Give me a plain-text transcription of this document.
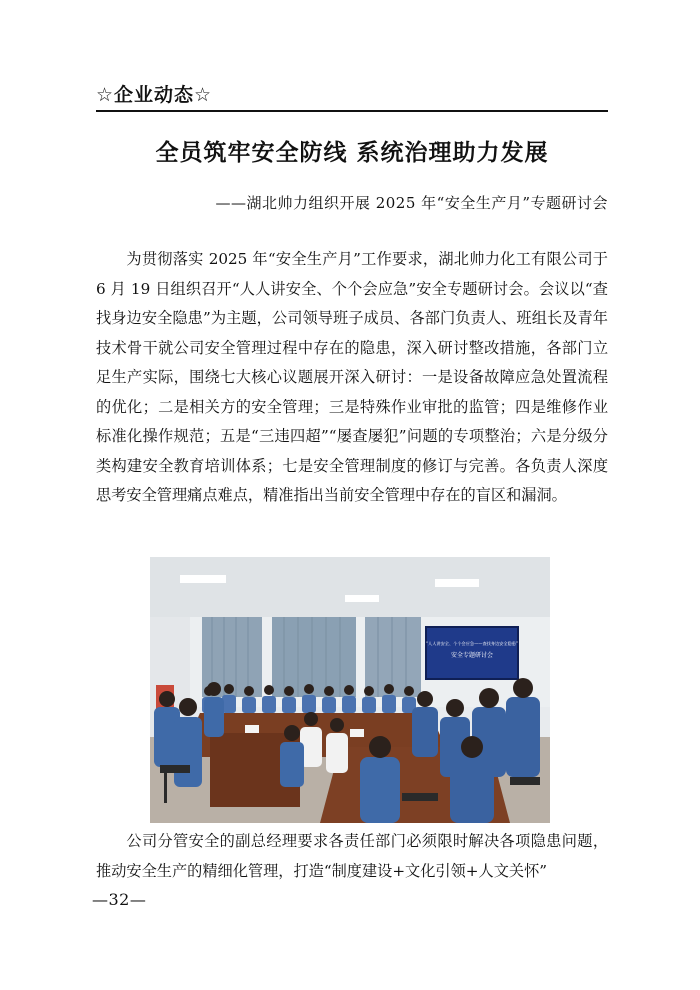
☆企业动态☆
全员筑牢安全防线 系统治理助力发展
——湖北帅力组织开展 2025 年“安全生产月”专题研讨会

为贯彻落实 2025 年“安全生产月”工作要求，湖北帅力化工有限公司于 6 月 19 日组织召开“人人讲安全、个个会应急”安全专题研讨会。会议以“查找身边安全隐患”为主题，公司领导班子成员、各部门负责人、班组长及青年技术骨干就公司安全管理过程中存在的隐患，深入研讨整改措施，各部门立足生产实际，围绕七大核心议题展开深入研讨：一是设备故障应急处置流程的优化；二是相关方的安全管理；三是特殊作业审批的监管；四是维修作业标准化操作规范；五是“三违四超”“屡查屡犯”问题的专项整治；六是分级分类构建安全教育培训体系；七是安全管理制度的修订与完善。各负责人深度思考安全管理痛点难点，精准指出当前安全管理中存在的盲区和漏洞。

“人人讲安全、个个会应急——查找身边安全隐患”
安全专题研讨会

公司分管安全的副总经理要求各责任部门必须限时解决各项隐患问题，推动安全生产的精细化管理，打造“制度建设+文化引领+人文关怀”

—32—
